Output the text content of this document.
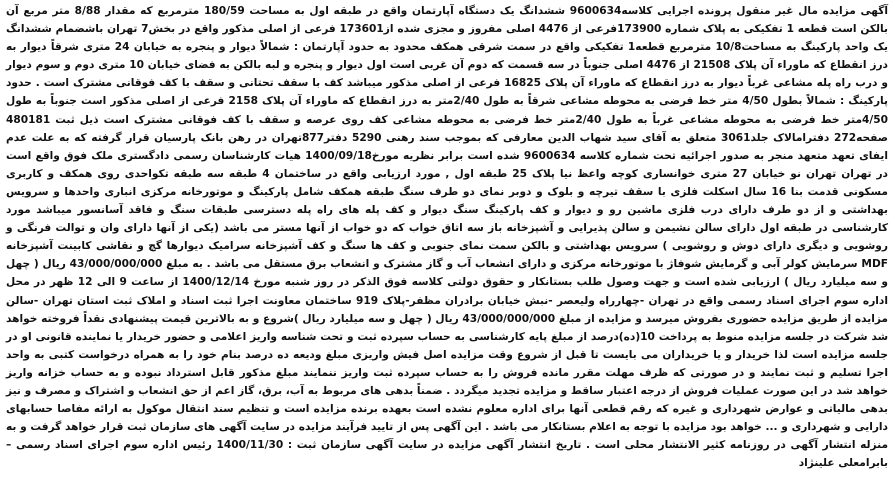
آگهی مزایده مال غیر منقول پرونده اجرایی کلاسه9600634 ششدانگ یک دستگاه آپارتمان واقع در طبقه اول به مساحت 180/59 مترمربع که مقدار 8/88 متر مربع آن بالکن است قطعه 1 تفکیکی به پلاک شماره 173900فرعی از 4476 اصلی مفروز و مجزی شده از173601 فرعی از اصلی مذکور واقع در بخش7 تهران باشضمام ششدانگ یک واحد پارکینگ به مساحت10/8 مترمربع قطعه1 تفکیکی واقع در سمت شرقی همکف محدود به حدود آپارتمان : شمالاً دیوار و پنجره به خیابان 24 متری شرقاً دیوار به درز انقطاع که ماوراء آن پلاک 21508 از 4476 اصلی جنوباً در سه قسمت که دوم آن غربی است اول دیوار و پنجره و لبه بالکن به فضای خیابان 10 متری دوم و سوم دیوار و درب راه پله مشاعی غرباً دیوار به درز انقطاع که ماوراء آن پلاک 16825 فرعی از اصلی مذکور میباشد کف با سقف تحتانی و سقف با کف فوقانی مشترک است . حدود پارکینگ : شمالاً بطول 4/50 متر خط فرضی به محوطه مشاعی شرقاً به طول 2/40متر به درز انقطاع که ماوراء آن پلاک 2158 فرعی از اصلی مذکور است جنوباً به طول 4/50متر خط فرضی به محوطه مشاعی غرباً به طول 2/40متر خط فرضی به محوطه مشاعی کف روی عرصه و سقف با کف فوقانی مشترک است ذیل ثبت 480181 صفحه272 دفترامالاک جلد3061 متعلق به آقای سید شهاب الدین معارفی که بموجب سند رهنی 5290 دفتر877تهران در رهن بانک پارسیان قرار گرفته که به علت عدم ایفای تعهد متعهد منجر به صدور اجرائیه تحت شماره کلاسه 9600634 شده است برابر نظریه مورخ1400/09/18 هیات کارشناسان رسمی دادگستری ملک فوق واقع است در تهران تهران نو خیابان 27 متری خوانساری کوچه واعظ نیا پلاک 25 طبقه اول , مورد ارزیابی واقع در ساختمان 4 طبقه سه طبقه تکواحدی روی همکف و کاربری مسکونی قدمت بنا 16 سال اسکلت فلزی با سقف تیرچه و بلوک و دوبر نمای دو طرف سنگ طبقه همکف شامل پارکینگ و موتورخانه مرکزی انباری واحدها و سرویس بهداشتی و از دو طرف دارای درب فلزی ماشین رو و دیوار و کف پارکینگ سنگ دیوار و کف پله های راه پله دسترسی طبقات سنگ و فاقد آسانسور میباشد مورد کارشناسی در طبقه اول دارای سالن نشیمن و سالن پذیرایی و آشپزخانه باز سه اتاق خواب که دو خواب از آنها مستر می باشد (یکی از آنها دارای وان و توالت فرنگی و روشویی و دیگری دارای دوش و روشویی ) سرویس بهداشتی و بالکن سمت نمای جنوبی و کف ها سنگ و کف آشپزخانه سرامیک دیوارها گچ و نقاشی کابینت آشپزخانه MDF سرمایش کولر آبی و گرمایش شوفاژ با موتورخانه مرکزی و دارای انشعاب آب و گاز مشترک و انشعاب برق مستقل می باشد . به مبلغ 43/000/000/000 ریال ( چهل و سه میلیارد ریال ) ارزیابی شده است و جهت وصول طلب بستانکار و حقوق دولتی کلاسه فوق الذکر در روز شنبه مورخ 1400/12/14 از ساعت 9 الی 12 ظهر در محل اداره سوم اجرای اسناد رسمی واقع در تهران -چهارراه ولیعصر -نبش خیابان برادران مظفر-پلاک 919 ساختمان معاونت اجرا ثبت اسناد و املاک ثبت استان تهران -سالن مزایده از طریق مزایده حضوری بفروش میرسد و مزایده از مبلغ 43/000/000/000 ریال ( چهل و سه میلیارد ریال )شروع و به بالاترین قیمت پیشنهادی نقداً فروخته خواهد شد شرکت در جلسه مزایده منوط به پرداخت 10(ده)درصد از مبلغ پایه کارشناسی به حساب سپرده ثبت و تحت شناسه واریز اعلامی و حضور خریدار یا نماینده قانونی او در جلسه مزایده است لذا خریدار و یا خریداران می بایست تا قبل از شروع وقت مزایده اصل فیش واریزی مبلغ ودیعه ده درصد بنام خود را به همراه درخواست کتبی به واحد اجرا تسلیم و ثبت نمایند و در صورتی که ظرف مهلت مقرر مانده فروش را به حساب سپرده ثبت واریز ننمایند مبلغ مذکور قابل استرداد نبوده و به حساب خزانه واریز خواهد شد در این صورت عملیات فروش از درجه اعتبار ساقط و مزایده تجدید میگردد . ضمناً بدهی های مربوط به آب، برق، گاز اعم از حق انشعاب و اشتراک و مصرف و نیز بدهی مالیاتی و عوارض شهرداری و غیره که رقم قطعی آنها برای اداره معلوم نشده است بعهده برنده مزایده است و تنظیم سند انتقال موکول به ارائه مفاصا حسابهای دارایی و شهرداری و ... خواهد بود مزایده با توجه به اعلام بستانکار می باشد . این آگهی پس از تایید فرآیند مزایده در سایت آگهی های سازمان ثبت قرار خواهد گرفت و به منزله انتشار آگهی در روزنامه کثیر الانتشار محلی است . تاریخ انتشار آگهی مزایده در سایت آگهی سازمان ثبت : 1400/11/30 رئیس اداره سوم اجرای اسناد رسمی – بابرامعلی علینژاد
